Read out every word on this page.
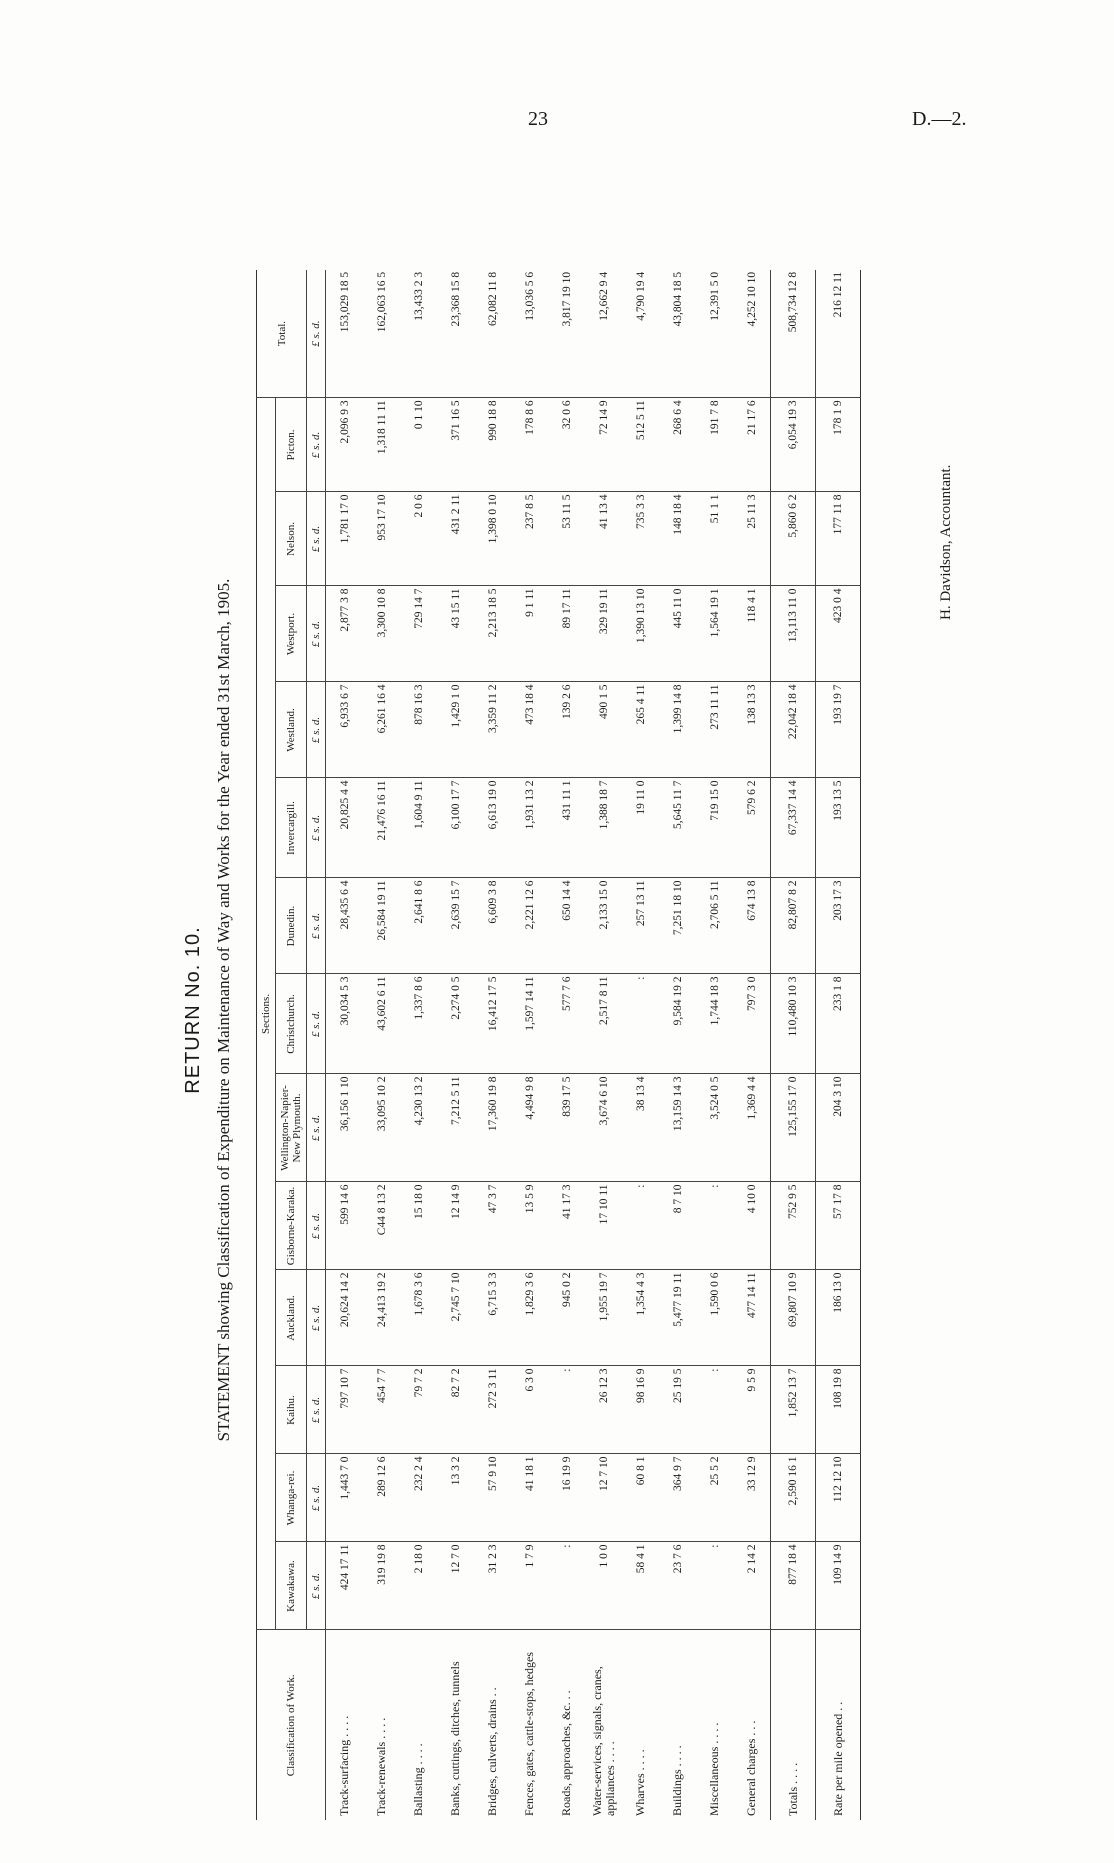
23	D.—2.
RETURN No. 10. STATEMENT showing Classification of Expenditure on Maintenance of Way and Works for the Year ended 31st March, 1905.
Classification of Work.	Sections.													Total.
	Kawakawa.	Whanga-rei.	Kaihu.	Auckland.	Gisborne-Karaka.	Wellington-Napier-New Plymouth.	Christchurch.	Dunedin.	Invercargill.	Westland.	Westport.	Nelson.	Picton.	
	£ s. d.	£ s. d.	£ s. d.	£ s. d.	£ s. d.	£ s. d.	£ s. d.	£ s. d.	£ s. d.	£ s. d.	£ s. d.	£ s. d.	£ s. d.	£ s. d.
Track-surfacing . . . .	424 17 11	1,443 7 0	797 10 7	20,624 14 2	599 14 6	36,156 1 10	30,034 5 3	28,435 6 4	20,825 4 4	6,933 6 7	2,877 3 8	1,781 17 0	2,096 9 3	153,029 18 5
Track-renewals . . . .	319 19 8	289 12 6	454 7 7	24,413 19 2	C44 8 13 2	33,095 10 2	43,602 6 11	26,584 19 11	21,476 16 11	6,261 16 4	3,300 10 8	953 17 10	1,318 11 11	162,063 16 5
Ballasting . . . .	2 18 0	232 2 4	79 7 2	1,678 3 6	15 18 0	4,230 13 2	1,337 8 6	2,641 8 6	1,604 9 11	878 16 3	729 14 7	2 0 6	0 1 10	13,433 2 3
Banks, cuttings, ditches, tunnels	12 7 0	13 3 2	82 7 2	2,745 7 10	12 14 9	7,212 5 11	2,274 0 5	2,639 15 7	6,100 17 7	1,429 1 0	43 15 11	431 2 11	371 16 5	23,368 15 8
Bridges, culverts, drains . .	31 2 3	57 9 10	272 3 11	6,715 3 3	47 3 7	17,360 19 8	16,412 17 5	6,609 3 8	6,613 19 0	3,359 11 2	2,213 18 5	1,398 0 10	990 18 8	62,082 11 8
Fences, gates, cattle-stops, hedges	1 7 9	41 18 1	6 3 0	1,829 3 6	13 5 9	4,494 9 8	1,597 14 11	2,221 12 6	1,931 13 2	473 18 4	9 1 11	237 8 5	178 8 6	13,036 5 6
Roads, approaches, &c. . .	:	16 19 9	:	945 0 2	41 17 3	839 17 5	577 7 6	650 14 4	431 11 1	139 2 6	89 17 11	53 11 5	32 0 6	3,817 19 10
Water-services, signals, cranes, appliances . . . .	1 0 0	12 7 10	26 12 3	1,955 19 7	17 10 11	3,674 6 10	2,517 8 11	2,133 15 0	1,388 18 7	490 1 5	329 19 11	41 13 4	72 14 9	12,662 9 4
Wharves . . . .	58 4 1	60 8 1	98 16 9	1,354 4 3	:	38 13 4	:	257 13 11	19 11 0	265 4 11	1,390 13 10	735 3 3	512 5 11	4,790 19 4
Buildings . . . .	23 7 6	364 9 7	25 19 5	5,477 19 11	8 7 10	13,159 14 3	9,584 19 2	7,251 18 10	5,645 11 7	1,399 14 8	445 11 0	148 18 4	268 6 4	43,804 18 5
Miscellaneous . . . .	:	25 5 2	:	1,590 0 6	:	3,524 0 5	1,744 18 3	2,706 5 11	719 15 0	273 11 11	1,564 19 1	51 1 1	191 7 8	12,391 5 0
General charges . . .	2 14 2	33 12 9	9 5 9	477 14 11	4 10 0	1,369 4 4	797 3 0	674 13 8	579 6 2	138 13 3	118 4 1	25 11 3	21 17 6	4,252 10 10
Totals . . . .	877 18 4	2,590 16 1	1,852 13 7	69,807 10 9	752 9 5	125,155 17 0	110,480 10 3	82,807 8 2	67,337 14 4	22,042 18 4	13,113 11 0	5,860 6 2	6,054 19 3	508,734 12 8
Rate per mile opened . .	109 14 9	112 12 10	108 19 8	186 13 0	57 17 8	204 3 10	233 1 8	203 17 3	193 13 5	193 19 7	423 0 4	177 11 8	178 1 9	216 12 11
H. Davidson, Accountant.
